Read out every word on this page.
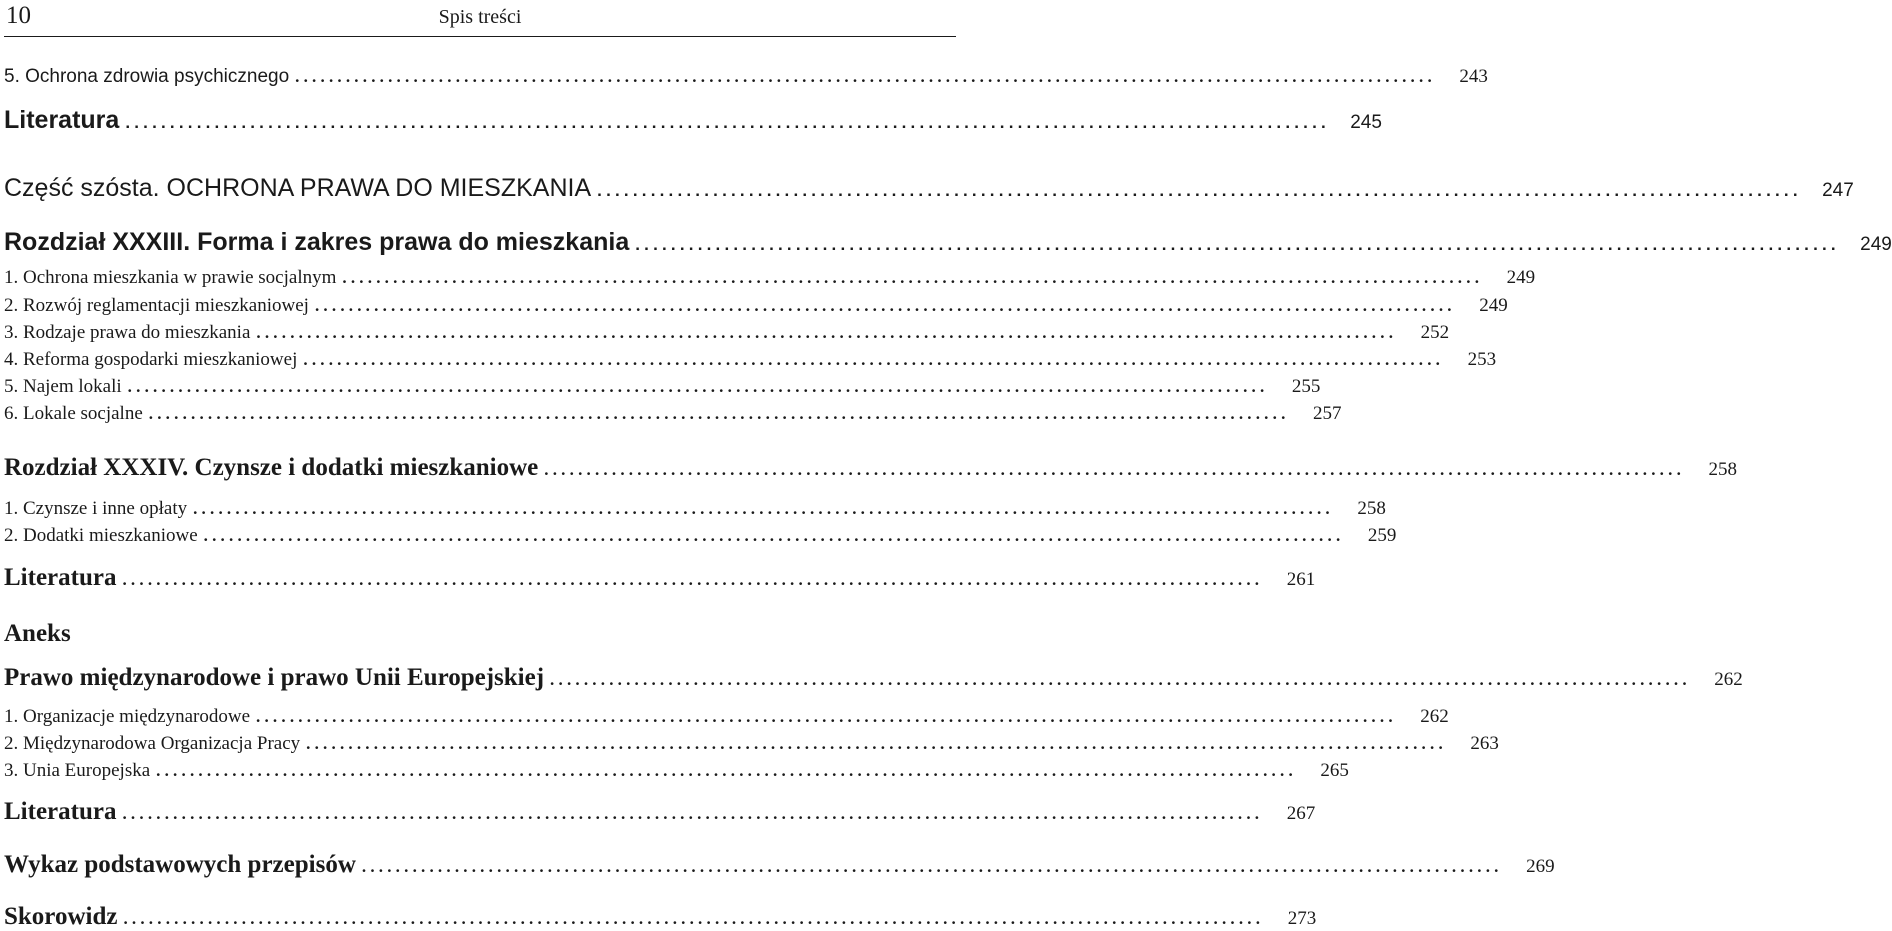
10	Spis treści
5. Ochrona zdrowia psychicznego .......................................................................................................................................	243
Literatura .......................................................................................................................................	245
Część szósta. OCHRONA PRAWA DO MIESZKANIA .......................................................................................................................................	247
Rozdział XXXIII. Forma i zakres prawa do mieszkania .......................................................................................................................................	249
1. Ochrona mieszkania w prawie socjalnym .......................................................................................................................................	249
2. Rozwój reglamentacji mieszkaniowej .......................................................................................................................................	249
3. Rodzaje prawa do mieszkania .......................................................................................................................................	252
4. Reforma gospodarki mieszkaniowej .......................................................................................................................................	253
5. Najem lokali .......................................................................................................................................	255
6. Lokale socjalne .......................................................................................................................................	257
Rozdział XXXIV. Czynsze i dodatki mieszkaniowe .......................................................................................................................................	258
1. Czynsze i inne opłaty .......................................................................................................................................	258
2. Dodatki mieszkaniowe .......................................................................................................................................	259
Literatura .......................................................................................................................................	261
Aneks
Prawo międzynarodowe i prawo Unii Europejskiej .......................................................................................................................................	262
1. Organizacje międzynarodowe .......................................................................................................................................	262
2. Międzynarodowa Organizacja Pracy .......................................................................................................................................	263
3. Unia Europejska .......................................................................................................................................	265
Literatura .......................................................................................................................................	267
Wykaz podstawowych przepisów .......................................................................................................................................	269
Skorowidz .......................................................................................................................................	273
